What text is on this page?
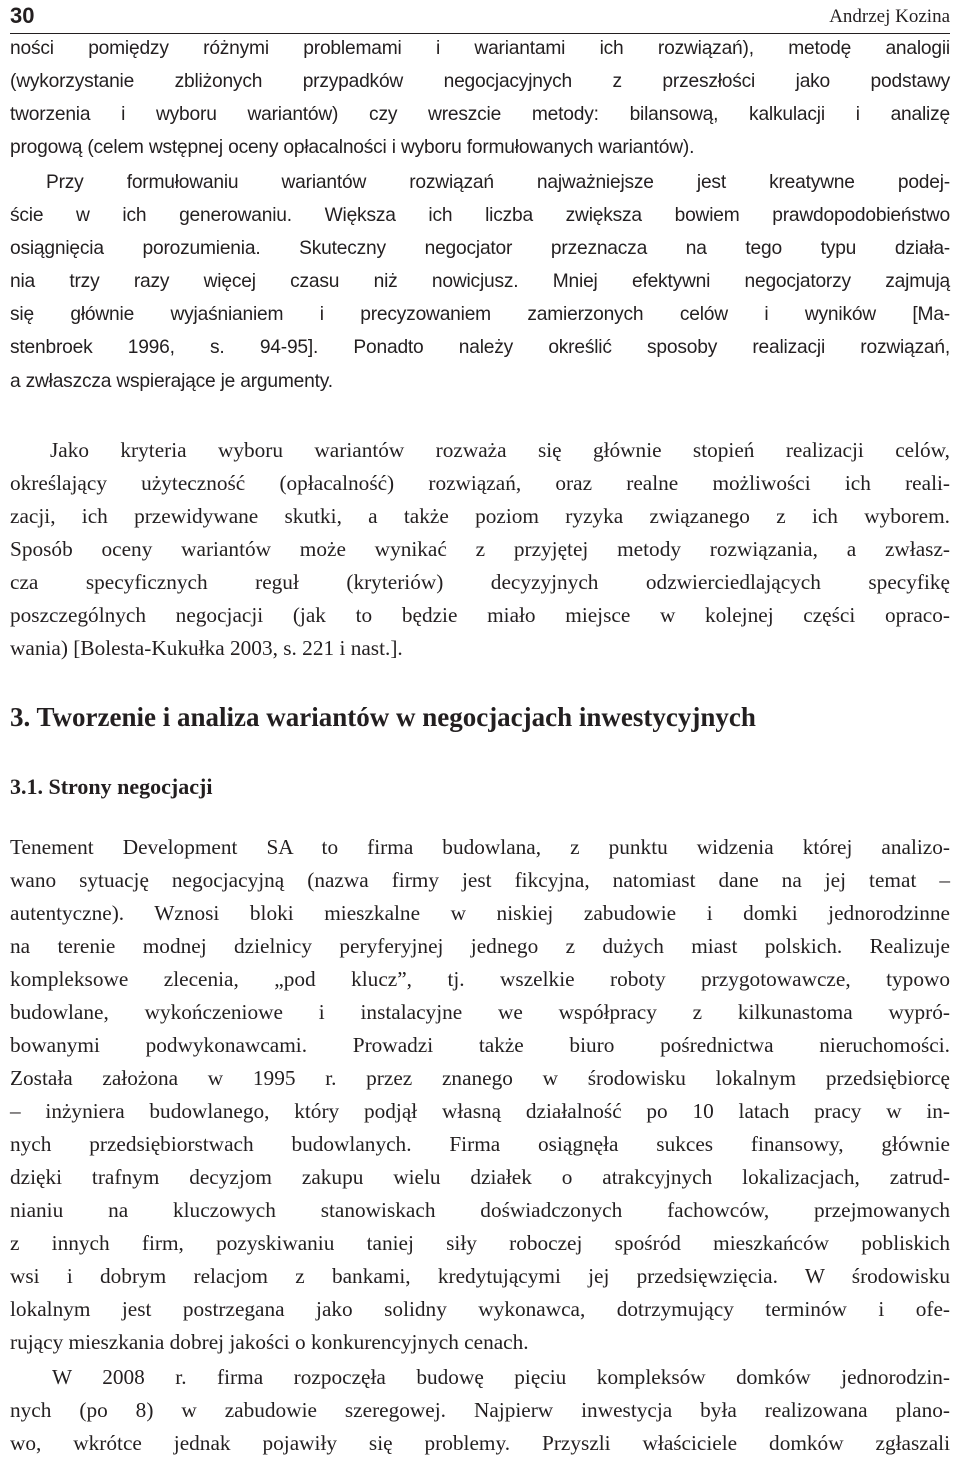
30	Andrzej Kozina
ności pomiędzy różnymi problemami i wariantami ich rozwiązań), metodę analogii
(wykorzystanie zbliżonych przypadków negocjacyjnych z przeszłości jako podstawy
tworzenia i wyboru wariantów) czy wreszcie metody: bilansową, kalkulacji i analizę
progową (celem wstępnej oceny opłacalności i wyboru formułowanych wariantów).
Przy formułowaniu wariantów rozwiązań najważniejsze jest kreatywne podej-
ście w ich generowaniu. Większa ich liczba zwiększa bowiem prawdopodobieństwo
osiągnięcia porozumienia. Skuteczny negocjator przeznacza na tego typu działa-
nia trzy razy więcej czasu niż nowicjusz. Mniej efektywni negocjatorzy zajmują
się głównie wyjaśnianiem i precyzowaniem zamierzonych celów i wyników [Ma-
stenbroek 1996, s. 94-95]. Ponadto należy określić sposoby realizacji rozwiązań,
a zwłaszcza wspierające je argumenty.
Jako kryteria wyboru wariantów rozważa się głównie stopień realizacji celów,
określający użyteczność (opłacalność) rozwiązań, oraz realne możliwości ich reali-
zacji, ich przewidywane skutki, a także poziom ryzyka związanego z ich wyborem.
Sposób oceny wariantów może wynikać z przyjętej metody rozwiązania, a zwłasz-
cza specyficznych reguł (kryteriów) decyzyjnych odzwierciedlających specyfikę
poszczególnych negocjacji (jak to będzie miało miejsce w kolejnej części opraco-
wania) [Bolesta-Kukułka 2003, s. 221 i nast.].
3. Tworzenie i analiza wariantów w negocjacjach inwestycyjnych
3.1. Strony negocjacji
Tenement Development SA to firma budowlana, z punktu widzenia której analizo-
wano sytuację negocjacyjną (nazwa firmy jest fikcyjna, natomiast dane na jej temat –
autentyczne). Wznosi bloki mieszkalne w niskiej zabudowie i domki jednorodzinne
na terenie modnej dzielnicy peryferyjnej jednego z dużych miast polskich. Realizuje
kompleksowe zlecenia, „pod klucz”, tj. wszelkie roboty przygotowawcze, typowo
budowlane, wykończeniowe i instalacyjne we współpracy z kilkunastoma wypró-
bowanymi podwykonawcami. Prowadzi także biuro pośrednictwa nieruchomości.
Została założona w 1995 r. przez znanego w środowisku lokalnym przedsiębiorcę
– inżyniera budowlanego, który podjął własną działalność po 10 latach pracy w in-
nych przedsiębiorstwach budowlanych. Firma osiągnęła sukces finansowy, głównie
dzięki trafnym decyzjom zakupu wielu działek o atrakcyjnych lokalizacjach, zatrud-
nianiu na kluczowych stanowiskach doświadczonych fachowców, przejmowanych
z innych firm, pozyskiwaniu taniej siły roboczej spośród mieszkańców pobliskich
wsi i dobrym relacjom z bankami, kredytującymi jej przedsięwzięcia. W środowisku
lokalnym jest postrzegana jako solidny wykonawca, dotrzymujący terminów i ofe-
rujący mieszkania dobrej jakości o konkurencyjnych cenach.
W 2008 r. firma rozpoczęła budowę pięciu kompleksów domków jednorodzin-
nych (po 8) w zabudowie szeregowej. Najpierw inwestycja była realizowana plano-
wo, wkrótce jednak pojawiły się problemy. Przyszli właściciele domków zgłaszali
